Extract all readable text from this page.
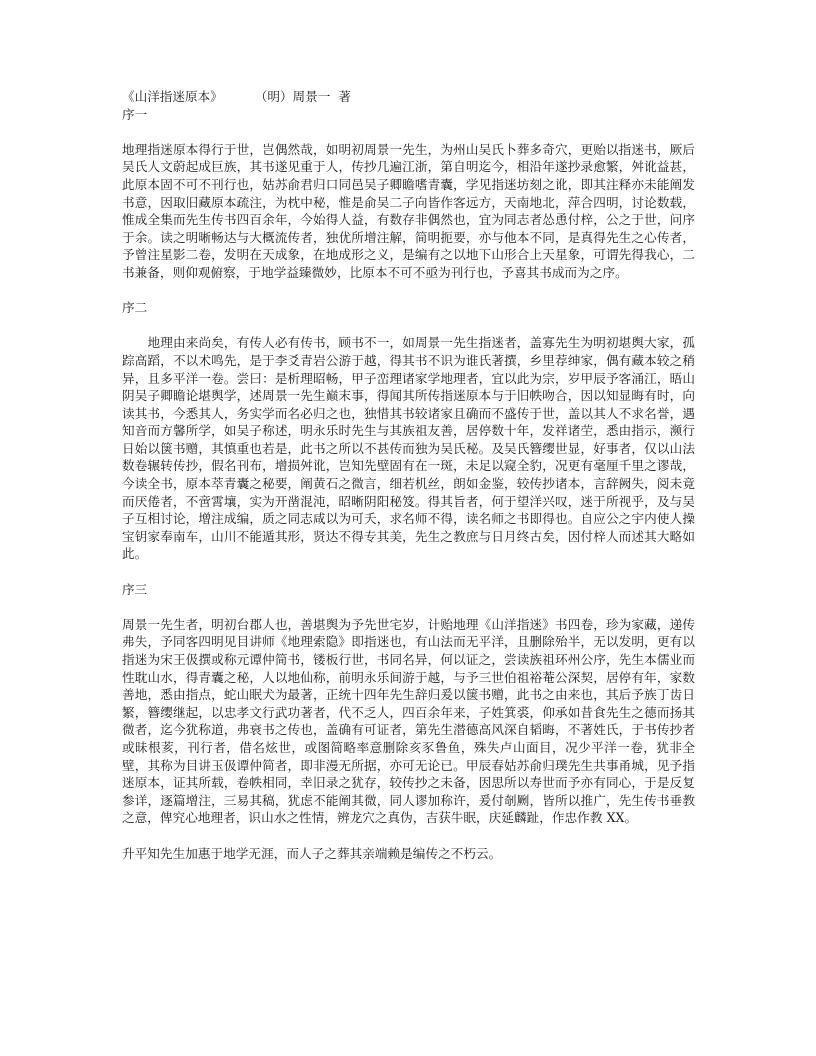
《山洋指迷原本》        （明）周景一  著
序一

地理指迷原本得行于世，岂偶然哉，如明初周景一先生，为州山吴氏卜葬多奇穴，更贻以指迷书，厥后吴氏人文蔚起成巨族，其书遂见重于人，传抄几遍江浙，第自明迄今，相沿年遂抄录愈繁，舛讹益甚，此原本固不可不刊行也，姑苏俞君归口同邑吴子卿瞻嗜青囊，学见指迷坊刻之讹，即其注释亦未能阐发书意，因取旧藏原本疏注，为枕中秘，惟是俞吴二子向皆作客远方，天南地北，萍合四明，讨论数载，惟成全集而先生传书四百余年，今始得人益，有数存非偶然也，宜为同志者怂恿付梓，公之于世，问序于余。读之明晰畅达与大概流传者，独优所增注解，简明扼要，亦与他本不同，是真得先生之心传者，予曾注星影二卷，发明在天成象，在地成形之义，是编有之以地下山形合上天星象，可谓先得我心，二书兼备，则仰观俯察，于地学益臻微妙，比原本不可不亟为刊行也，予喜其书成而为之序。

序二

地理由来尚矣，有传人必有传书，顾书不一，如周景一先生指迷者，盖寡先生为明初堪舆大家，孤踪高蹈，不以术鸣先，是于李爻青岩公游于越，得其书不识为谁氏著撰，乡里荐绅家，偶有藏本较之稍异，且多平洋一卷。尝曰：是析理昭畅，甲子峦理诸家学地理者，宜以此为宗，岁甲辰予客涌江，晤山阴吴子卿瞻论堪舆学，述周景一先生巅末事，得闻其所传指迷原本与于旧帙吻合，因以知显晦有时，向读其书，今悉其人，务实学而名必归之也，独惜其书较诸家且确而不盛传于世，盖以其人不求名誉，遇知音而方馨所学，如吴子称述，明永乐时先生与其族祖友善，居停数十年，发祥诸茔，悉由指示，濒行日始以箧书赠，其慎重也若是，此书之所以不甚传而独为吴氏秘。及吴氏簪缨世显，好事者，仅以山法数卷辗转传抄，假名刊布，增损舛讹，岂知先壁固有在一斑，未足以窥全豹，况更有毫厘千里之谬哉，今读全书，原本萃青囊之秘要，阐黄石之微言，细若机丝，朗如金鉴，较传抄诸本，言辞阙失，阅未竟而厌倦者，不啻霄壤，实为开凿混沌，昭晰阴阳秘笈。得其旨者，何于望洋兴叹，迷于所视乎，及与吴子互相讨论，增注成编，质之同志咸以为可夭，求名师不得，读名师之书即得也。自应公之宇内使人操宝钥家奉南车，山川不能遁其形，贤达不得专其美，先生之教庶与日月终古矣，因付梓人而述其大略如此。

序三

周景一先生者，明初台郡人也，善堪舆为予先世宅岁，计贻地理《山洋指迷》书四卷，珍为家藏，递传弗失，予同客四明见目讲师《地理索隐》即指迷也，有山法而无平洋，且删除殆半，无以发明，更有以指迷为宋王伋撰或称元谭仲简书，镂板行世，书同名异，何以证之，尝读族祖环州公序，先生本儒业而性耽山水，得青囊之秘，人以地仙称，前明永乐间游于越，与予三世伯祖裕菴公深契，居停有年，家数善地，悉由指点，蛇山眠犬为最著，正统十四年先生辞归爰以箧书赠，此书之由来也，其后予族丁齿日繁，簪缨继起，以忠孝文行武功著者，代不乏人，四百余年来，子姓箕裘，仰承如昔食先生之德而扬其微者，迄今犹称道，弗衰书之传也，盖确有可证者，第先生潜德高风深自韬晦，不著姓氏，于书传抄者或昧根荄，刊行者，借名炫世，或图简略率意删除亥豕鲁鱼，殊失卢山面目，况少平洋一卷，犹非全壁，其称为目讲玉伋谭仲简者，即非漫无所据，亦可无论已。甲辰春姑苏俞归璞先生共事甬城，见予指迷原本，证其所载，卷帙相同，幸旧录之犹存，较传抄之未备，因思所以寿世而予亦有同心，于是反复参详，逐篇增注，三易其稿，犹虑不能阐其微，同人谬加称许，爰付剞劂，皆所以推广，先生传书垂教之意，俾究心地理者，识山水之性情，辨龙穴之真伪，吉获牛眠，庆延麟趾，作忠作教 XX。

升平知先生加惠于地学无涯，而人子之葬其亲端赖是编传之不朽云。
